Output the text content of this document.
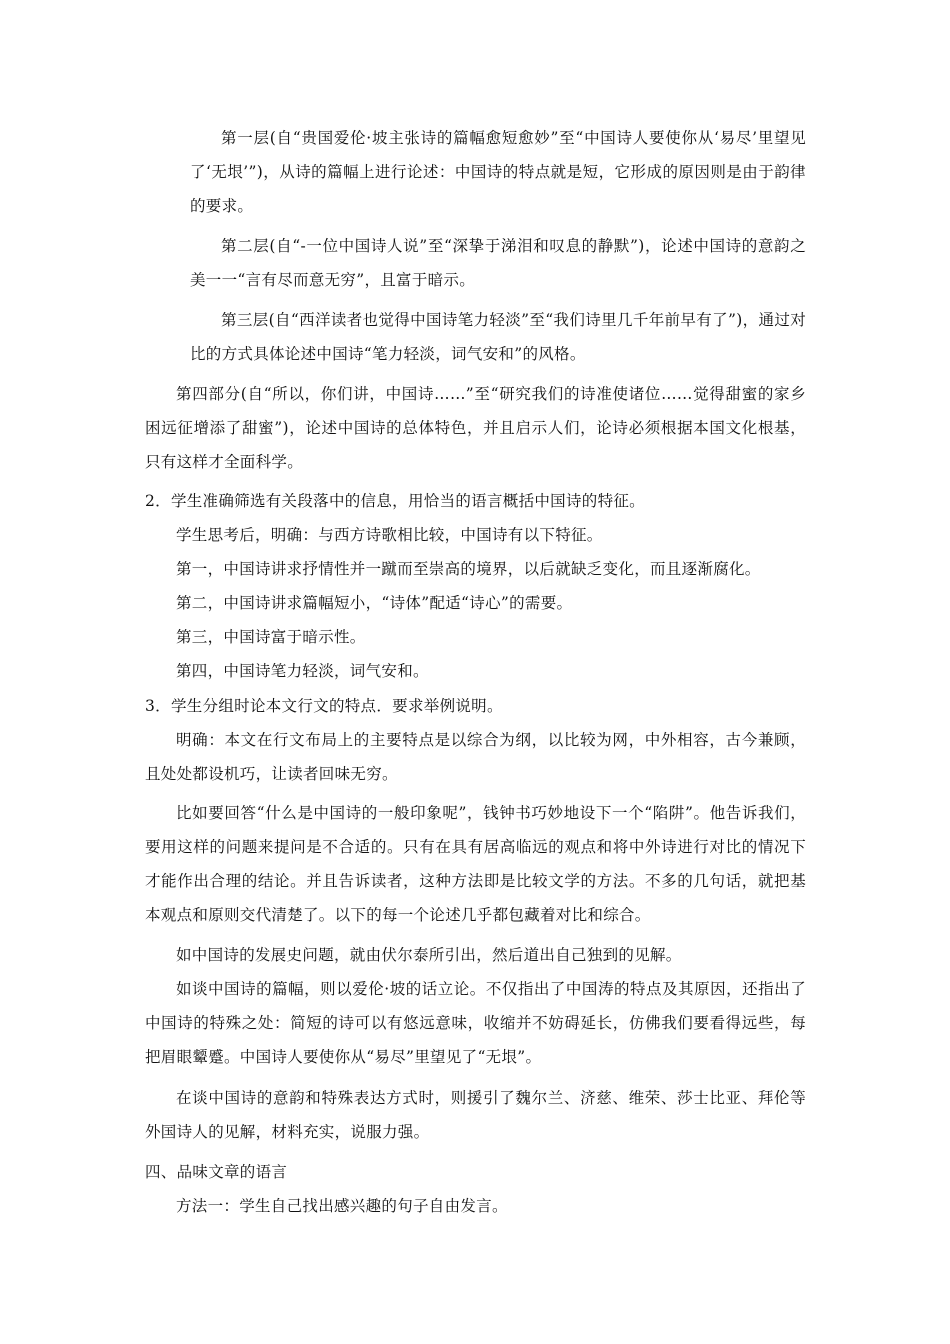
第一层(自“贵国爱伦·坡主张诗的篇幅愈短愈妙”至“中国诗人要使你从‘易尽’里望见了‘无垠’”)，从诗的篇幅上进行论述：中国诗的特点就是短，它形成的原因则是由于韵律的要求。

第二层(自“-一位中国诗人说”至“深挚于涕泪和叹息的静默”)，论述中国诗的意韵之美一一“言有尽而意无穷”，且富于暗示。

第三层(自“西洋读者也觉得中国诗笔力轻淡”至“我们诗里几千年前早有了”)，通过对比的方式具体论述中国诗“笔力轻淡，词气安和”的风格。

第四部分(自“所以，你们讲，中国诗……”至“研究我们的诗准使诸位……觉得甜蜜的家乡困远征增添了甜蜜”)，论述中国诗的总体特色，并且启示人们，论诗必须根据本国文化根基，只有这样才全面科学。

2．学生准确筛选有关段落中的信息，用恰当的语言概括中国诗的特征。

学生思考后，明确：与西方诗歌相比较，中国诗有以下特征。

第一，中国诗讲求抒情性并一蹴而至崇高的境界，以后就缺乏变化，而且逐渐腐化。

第二，中国诗讲求篇幅短小，“诗体”配适“诗心”的需要。

第三，中国诗富于暗示性。

第四，中国诗笔力轻淡，词气安和。

3．学生分组时论本文行文的特点．要求举例说明。

明确：本文在行文布局上的主要特点是以综合为纲，以比较为网，中外相容，古今兼顾，且处处都设机巧，让读者回味无穷。

比如要回答“什么是中国诗的一般印象呢”，钱钟书巧妙地设下一个“陷阱”。他告诉我们，要用这样的问题来提问是不合适的。只有在具有居高临远的观点和将中外诗进行对比的情况下才能作出合理的结论。并且告诉读者，这种方法即是比较文学的方法。不多的几句话，就把基本观点和原则交代清楚了。以下的每一个论述几乎都包藏着对比和综合。

如中国诗的发展史问题，就由伏尔泰所引出，然后道出自己独到的见解。

如谈中国诗的篇幅，则以爱伦·坡的话立论。不仅指出了中国涛的特点及其原因，还指出了中国诗的特殊之处：简短的诗可以有悠远意味，收缩并不妨碍延长，仿佛我们要看得远些，每把眉眼颦蹙。中国诗人要使你从“易尽”里望见了“无垠”。

在谈中国诗的意韵和特殊表达方式时，则援引了魏尔兰、济慈、维荣、莎士比亚、拜伦等外国诗人的见解，材料充实，说服力强。

四、品味文章的语言

方法一：学生自己找出感兴趣的句子自由发言。
